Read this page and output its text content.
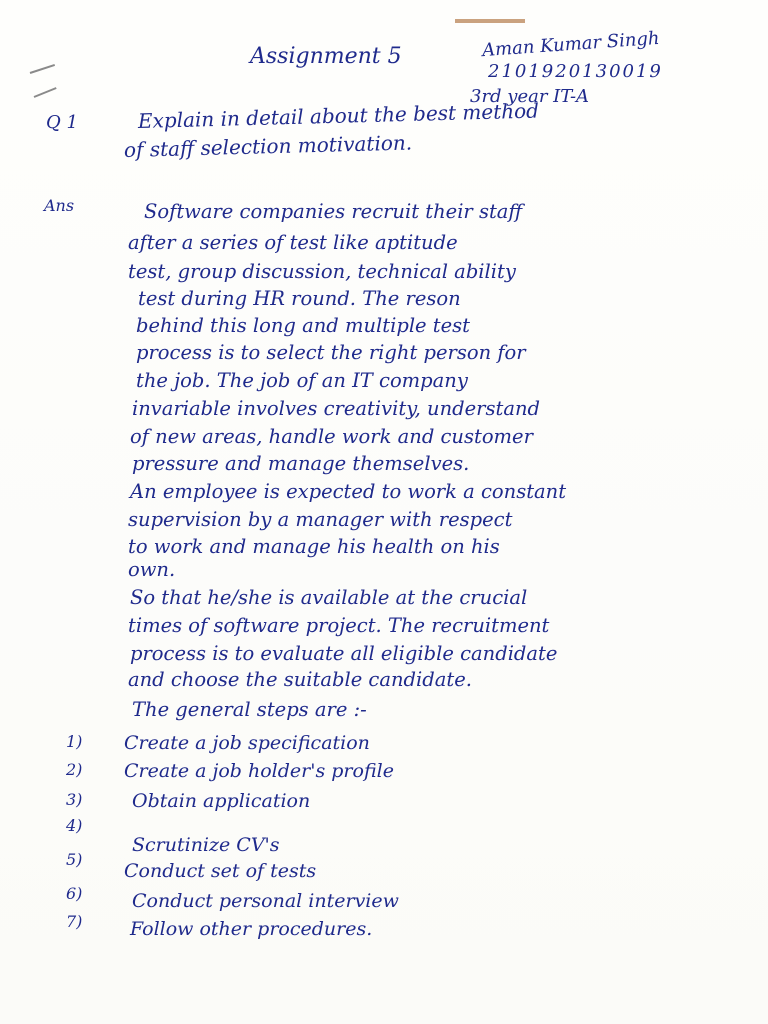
Assignment 5	Aman Kumar Singh
2101920130019
3rd year IT-A
Q 1	Explain in detail about the best method
of staff selection motivation.
Ans	Software companies recruit their staff
after a series of test like aptitude
test, group discussion, technical ability
test during HR round. The reson
behind this long and multiple test
process is to select the right person for
the job. The job of an IT company
invariable involves creativity, understand
of new areas, handle work and customer
pressure and manage themselves.
An employee is expected to work a constant
supervision by a manager with respect
to work and manage his health on his
own.
So that he/she is available at the crucial
times of software project. The recruitment
process is to evaluate all eligible candidate
and choose the suitable candidate.
The general steps are :-
1) Create a job specification
2) Create a job holder's profile
3)	Obtain application
4)
Scrutinize CV's
5)
Conduct set of tests
6)	Conduct personal interview
7)	Follow other procedures.
